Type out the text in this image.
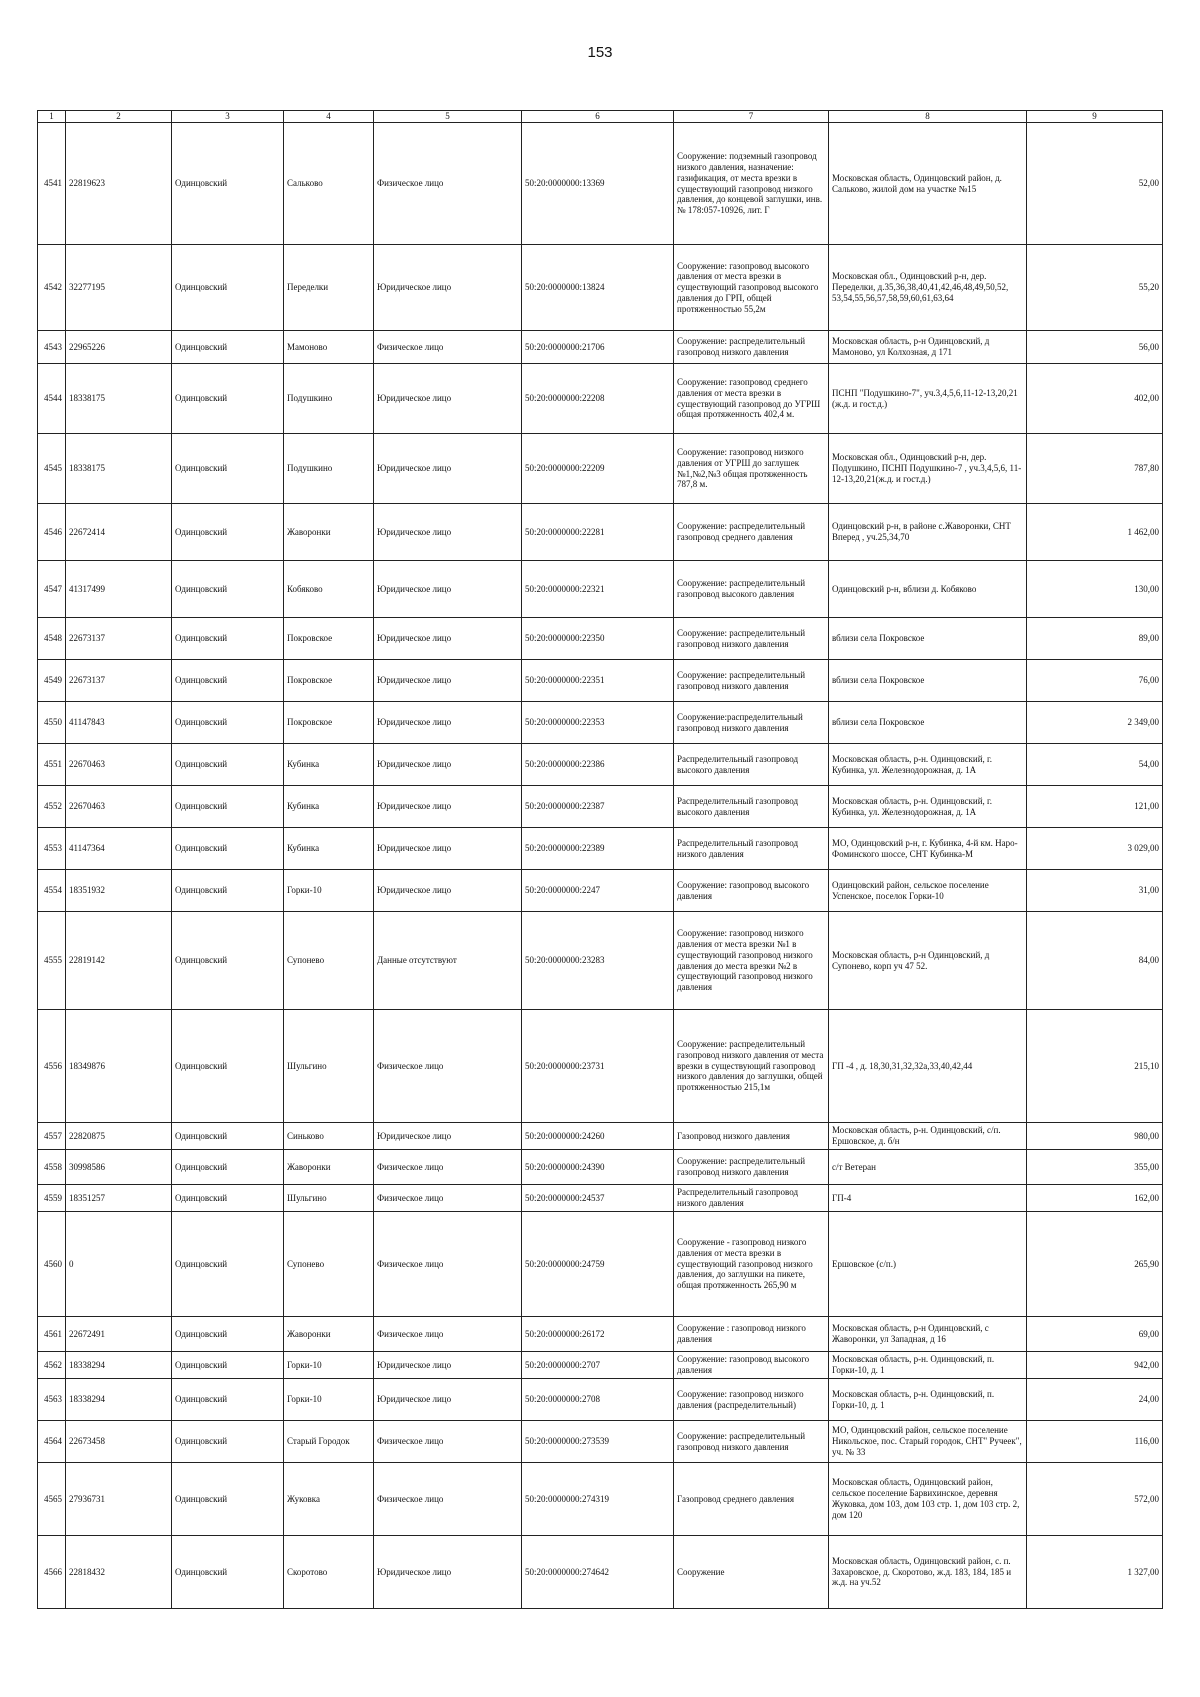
153
1	2	3	4	5	6	7	8	9
4541	22819623	Одинцовский	Сальково	Физическое лицо	50:20:0000000:13369	Сооружение: подземный газопровод низкого давления, назначение: газификация, от места врезки в существующий газопровод низкого давления, до концевой заглушки, инв.№ 178:057-10926, лит. Г	Московская область, Одинцовский район, д. Сальково, жилой дом на участке №15	52,00
4542	32277195	Одинцовский	Переделки	Юридическое лицо	50:20:0000000:13824	Сооружение: газопровод высокого давления от места врезки в существующий газопровод высокого давления до ГРП, общей протяженностью 55,2м	Московская обл., Одинцовский р-н, дер. Переделки, д.35,36,38,40,41,42,46,48,49,50,52, 53,54,55,56,57,58,59,60,61,63,64	55,20
4543	22965226	Одинцовский	Мамоново	Физическое лицо	50:20:0000000:21706	Сооружение: распределительный газопровод низкого давления	Московская область, р-н Одинцовский, д Мамоново, ул Колхозная, д 171	56,00
4544	18338175	Одинцовский	Подушкино	Юридическое лицо	50:20:0000000:22208	Сооружение: газопровод среднего давления от места врезки в существующий газопровод до УГРШ общая протяженность 402,4 м.	ПСНП "Подушкино-7", уч.3,4,5,6,11-12-13,20,21 (ж.д. и гост.д.)	402,00
4545	18338175	Одинцовский	Подушкино	Юридическое лицо	50:20:0000000:22209	Сооружение: газопровод низкого давления от УГРШ до заглушек №1,№2,№3 общая протяженность 787,8 м.	Московская обл., Одинцовский р-н, дер. Подушкино, ПСНП Подушкино-7 , уч.3,4,5,6, 11-12-13,20,21(ж.д. и гост.д.)	787,80
4546	22672414	Одинцовский	Жаворонки	Юридическое лицо	50:20:0000000:22281	Сооружение: распределительный газопровод среднего давления	Одинцовский р-н, в районе с.Жаворонки, СНТ Вперед , уч.25,34,70	1 462,00
4547	41317499	Одинцовский	Кобяково	Юридическое лицо	50:20:0000000:22321	Сооружение: распределительный газопровод высокого давления	Одинцовский р-н, вблизи д. Кобяково	130,00
4548	22673137	Одинцовский	Покровское	Юридическое лицо	50:20:0000000:22350	Сооружение: распределительный газопровод низкого давления	вблизи села Покровское	89,00
4549	22673137	Одинцовский	Покровское	Юридическое лицо	50:20:0000000:22351	Сооружение: распределительный газопровод низкого давления	вблизи села Покровское	76,00
4550	41147843	Одинцовский	Покровское	Юридическое лицо	50:20:0000000:22353	Сооружение:распределительный газопровод низкого давления	вблизи села Покровское	2 349,00
4551	22670463	Одинцовский	Кубинка	Юридическое лицо	50:20:0000000:22386	Распределительный газопровод высокого давления	Московская область, р-н. Одинцовский, г. Кубинка, ул. Железнодорожная, д. 1А	54,00
4552	22670463	Одинцовский	Кубинка	Юридическое лицо	50:20:0000000:22387	Распределительный газопровод высокого давления	Московская область, р-н. Одинцовский, г. Кубинка, ул. Железнодорожная, д. 1А	121,00
4553	41147364	Одинцовский	Кубинка	Юридическое лицо	50:20:0000000:22389	Распределительный газопровод низкого давления	МО, Одинцовский р-н, г. Кубинка, 4-й км. Наро-Фоминского шоссе, СНТ Кубинка-М	3 029,00
4554	18351932	Одинцовский	Горки-10	Юридическое лицо	50:20:0000000:2247	Сооружение: газопровод высокого давления	Одинцовский район, сельское поселение Успенское, поселок Горки-10	31,00
4555	22819142	Одинцовский	Супонево	Данные отсутствуют	50:20:0000000:23283	Сооружение: газопровод низкого давления от места врезки №1 в существующий газопровод низкого давления до места врезки №2 в существующий газопровод низкого давления	Московская область, р-н Одинцовский, д Супонево, корп уч 47 52.	84,00
4556	18349876	Одинцовский	Шульгино	Физическое лицо	50:20:0000000:23731	Сооружение: распределительный газопровод низкого давления от места врезки в существующий газопровод низкого давления до заглушки, общей протяженностью 215,1м	ГП -4 , д. 18,30,31,32,32а,33,40,42,44	215,10
4557	22820875	Одинцовский	Синьково	Юридическое лицо	50:20:0000000:24260	Газопровод низкого давления	Московская область, р-н. Одинцовский, с/п. Ершовское, д. б/н	980,00
4558	30998586	Одинцовский	Жаворонки	Физическое лицо	50:20:0000000:24390	Сооружение: распределительный газопровод низкого давления	с/т Ветеран	355,00
4559	18351257	Одинцовский	Шульгино	Физическое лицо	50:20:0000000:24537	Распределительный газопровод низкого давления	ГП-4	162,00
4560	0	Одинцовский	Супонево	Физическое лицо	50:20:0000000:24759	Сооружение - газопровод низкого давления от места врезки в существующий газопровод низкого давления, до заглушки на пикете, общая протяженность 265,90 м	Ершовское (с/п.)	265,90
4561	22672491	Одинцовский	Жаворонки	Физическое лицо	50:20:0000000:26172	Сооружение : газопровод низкого давления	Московская область, р-н Одинцовский, с Жаворонки, ул Западная, д 16	69,00
4562	18338294	Одинцовский	Горки-10	Юридическое лицо	50:20:0000000:2707	Сооружение: газопровод высокого давления	Московская область, р-н. Одинцовский, п. Горки-10, д. 1	942,00
4563	18338294	Одинцовский	Горки-10	Юридическое лицо	50:20:0000000:2708	Сооружение: газопровод низкого давления (распределительный)	Московская область, р-н. Одинцовский, п. Горки-10, д. 1	24,00
4564	22673458	Одинцовский	Старый Городок	Физическое лицо	50:20:0000000:273539	Сооружение: распределительный газопровод низкого давления	МО, Одинцовский район, сельское поселение Никольское, пос. Старый городок, СНТ" Ручеек", уч. № 33	116,00
4565	27936731	Одинцовский	Жуковка	Физическое лицо	50:20:0000000:274319	Газопровод среднего давления	Московская область, Одинцовский район, сельское поселение Барвихинское, деревня Жуковка, дом 103, дом 103 стр. 1, дом 103 стр. 2, дом 120	572,00
4566	22818432	Одинцовский	Скоротово	Юридическое лицо	50:20:0000000:274642	Сооружение	Московская область, Одинцовский район, с. п. Захаровское, д. Скоротово, ж.д. 183, 184, 185 и ж.д. на уч.52	1 327,00
